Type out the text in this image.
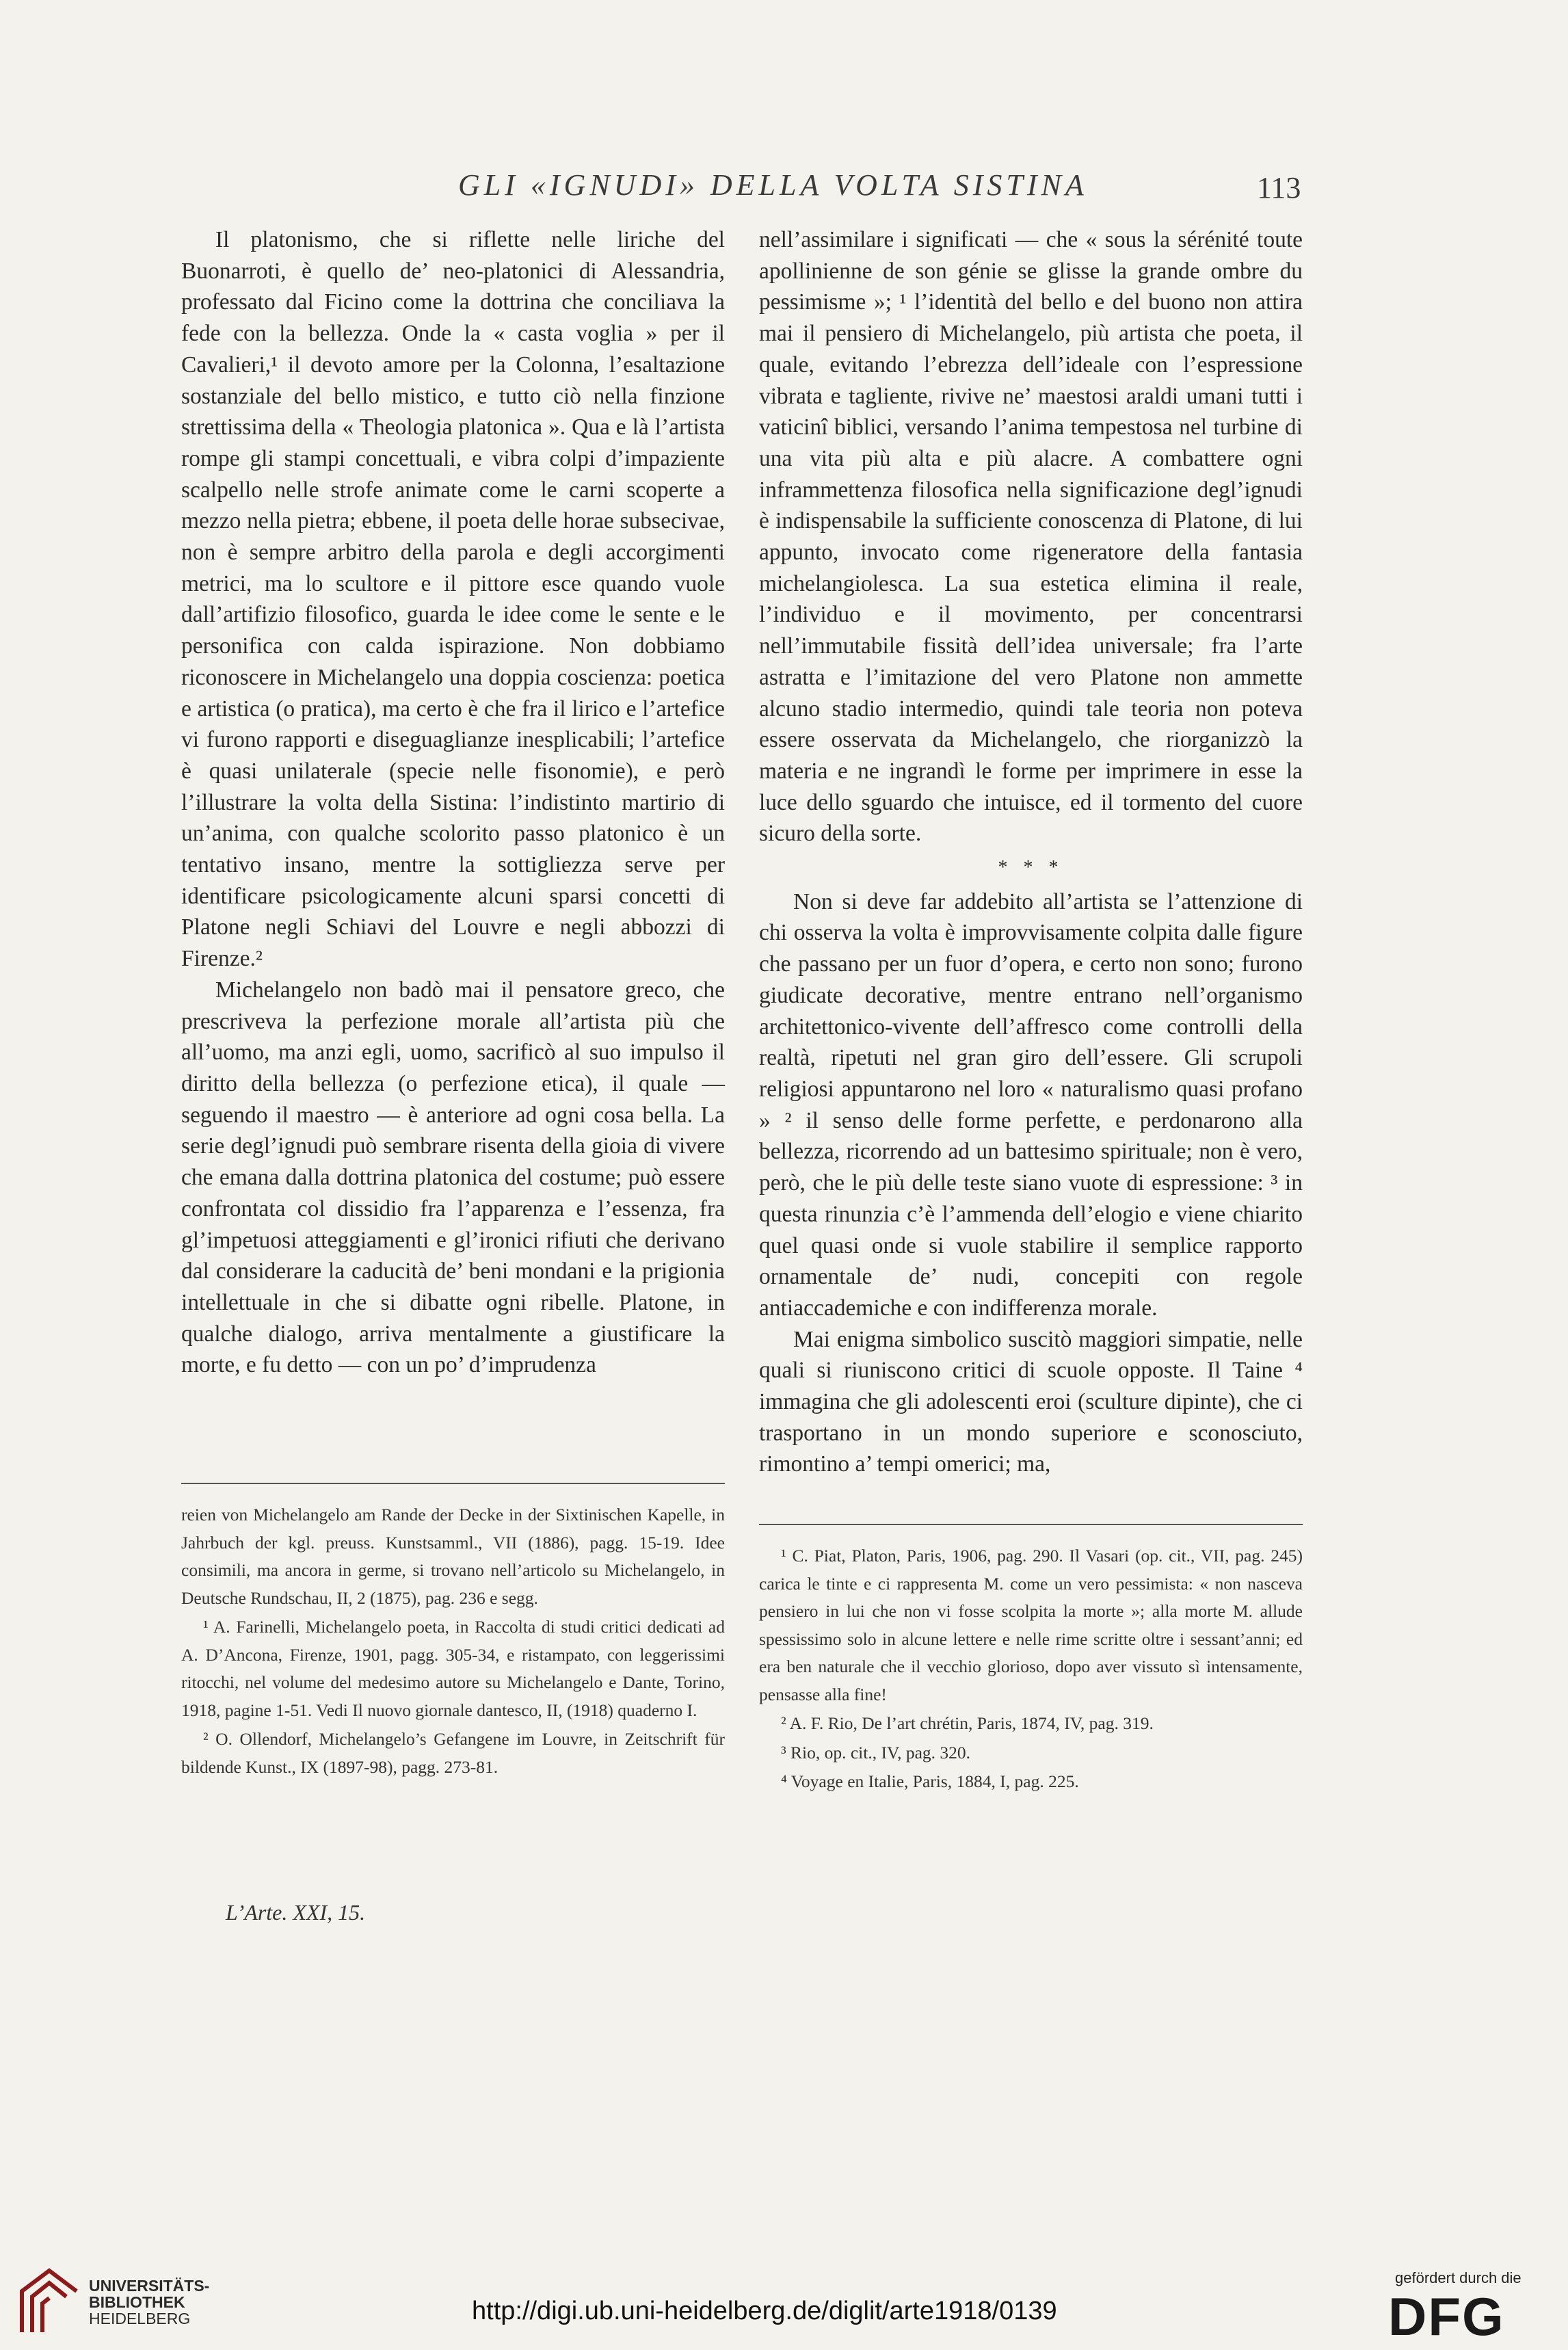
GLI «IGNUDI» DELLA VOLTA SISTINA	113

Il platonismo, che si riflette nelle liriche del Buonarroti, è quello de’ neo-platonici di Alessandria, professato dal Ficino come la dottrina che conciliava la fede con la bellezza. Onde la « casta voglia » per il Cavalieri,¹ il devoto amore per la Colonna, l’esaltazione sostanziale del bello mistico, e tutto ciò nella finzione strettissima della « Theologia platonica ». Qua e là l’artista rompe gli stampi concettuali, e vibra colpi d’impaziente scalpello nelle strofe animate come le carni scoperte a mezzo nella pietra; ebbene, il poeta delle horae subsecivae, non è sempre arbitro della parola e degli accorgimenti metrici, ma lo scultore e il pittore esce quando vuole dall’artifizio filosofico, guarda le idee come le sente e le personifica con calda ispirazione. Non dobbiamo riconoscere in Michelangelo una doppia coscienza: poetica e artistica (o pratica), ma certo è che fra il lirico e l’artefice vi furono rapporti e diseguaglianze inesplicabili; l’artefice è quasi unilaterale (specie nelle fisonomie), e però l’illustrare la volta della Sistina: l’indistinto martirio di un’anima, con qualche scolorito passo platonico è un tentativo insano, mentre la sottigliezza serve per identificare psicologicamente alcuni sparsi concetti di Platone negli Schiavi del Louvre e negli abbozzi di Firenze.²

Michelangelo non badò mai il pensatore greco, che prescriveva la perfezione morale all’artista più che all’uomo, ma anzi egli, uomo, sacrificò al suo impulso il diritto della bellezza (o perfezione etica), il quale — seguendo il maestro — è anteriore ad ogni cosa bella. La serie degl’ignudi può sembrare risenta della gioia di vivere che emana dalla dottrina platonica del costume; può essere confrontata col dissidio fra l’apparenza e l’essenza, fra gl’impetuosi atteggiamenti e gl’ironici rifiuti che derivano dal considerare la caducità de’ beni mondani e la prigionia intellettuale in che si dibatte ogni ribelle. Platone, in qualche dialogo, arriva mentalmente a giustificare la morte, e fu detto — con un po’ d’imprudenza

nell’assimilare i significati — che « sous la sérénité toute apollinienne de son génie se glisse la grande ombre du pessimisme »; ¹ l’identità del bello e del buono non attira mai il pensiero di Michelangelo, più artista che poeta, il quale, evitando l’ebrezza dell’ideale con l’espressione vibrata e tagliente, rivive ne’ maestosi araldi umani tutti i vaticinî biblici, versando l’anima tempestosa nel turbine di una vita più alta e più alacre. A combattere ogni inframmettenza filosofica nella significazione degl’ignudi è indispensabile la sufficiente conoscenza di Platone, di lui appunto, invocato come rigeneratore della fantasia michelangiolesca. La sua estetica elimina il reale, l’individuo e il movimento, per concentrarsi nell’immutabile fissità dell’idea universale; fra l’arte astratta e l’imitazione del vero Platone non ammette alcuno stadio intermedio, quindi tale teoria non poteva essere osservata da Michelangelo, che riorganizzò la materia e ne ingrandì le forme per imprimere in esse la luce dello sguardo che intuisce, ed il tormento del cuore sicuro della sorte.

* * *

Non si deve far addebito all’artista se l’attenzione di chi osserva la volta è improvvisamente colpita dalle figure che passano per un fuor d’opera, e certo non sono; furono giudicate decorative, mentre entrano nell’organismo architettonico-vivente dell’affresco come controlli della realtà, ripetuti nel gran giro dell’essere. Gli scrupoli religiosi appuntarono nel loro « naturalismo quasi profano » ² il senso delle forme perfette, e perdonarono alla bellezza, ricorrendo ad un battesimo spirituale; non è vero, però, che le più delle teste siano vuote di espressione: ³ in questa rinunzia c’è l’ammenda dell’elogio e viene chiarito quel quasi onde si vuole stabilire il semplice rapporto ornamentale de’ nudi, concepiti con regole antiaccademiche e con indifferenza morale.

Mai enigma simbolico suscitò maggiori simpatie, nelle quali si riuniscono critici di scuole opposte. Il Taine ⁴ immagina che gli adolescenti eroi (sculture dipinte), che ci trasportano in un mondo superiore e sconosciuto, rimontino a’ tempi omerici; ma,

reien von Michelangelo am Rande der Decke in der Sixtinischen Kapelle, in Jahrbuch der kgl. preuss. Kunstsamml., VII (1886), pagg. 15-19. Idee consimili, ma ancora in germe, si trovano nell’articolo su Michelangelo, in Deutsche Rundschau, II, 2 (1875), pag. 236 e segg.

¹ A. Farinelli, Michelangelo poeta, in Raccolta di studi critici dedicati ad A. D’Ancona, Firenze, 1901, pagg. 305-34, e ristampato, con leggerissimi ritocchi, nel volume del medesimo autore su Michelangelo e Dante, Torino, 1918, pagine 1-51. Vedi Il nuovo giornale dantesco, II, (1918) quaderno I.

² O. Ollendorf, Michelangelo’s Gefangene im Louvre, in Zeitschrift für bildende Kunst., IX (1897-98), pagg. 273-81.

¹ C. Piat, Platon, Paris, 1906, pag. 290. Il Vasari (op. cit., VII, pag. 245) carica le tinte e ci rappresenta M. come un vero pessimista: « non nasceva pensiero in lui che non vi fosse scolpita la morte »; alla morte M. allude spessissimo solo in alcune lettere e nelle rime scritte oltre i sessant’anni; ed era ben naturale che il vecchio glorioso, dopo aver vissuto sì intensamente, pensasse alla fine!

² A. F. Rio, De l’art chrétin, Paris, 1874, IV, pag. 319.

³ Rio, op. cit., IV, pag. 320.

⁴ Voyage en Italie, Paris, 1884, I, pag. 225.

L’Arte. XXI, 15.
UNIVERSITÄTS-
BIBLIOTHEK
HEIDELBERG	http://digi.ub.uni-heidelberg.de/diglit/arte1918/0139
gefördert durch die
DFG
